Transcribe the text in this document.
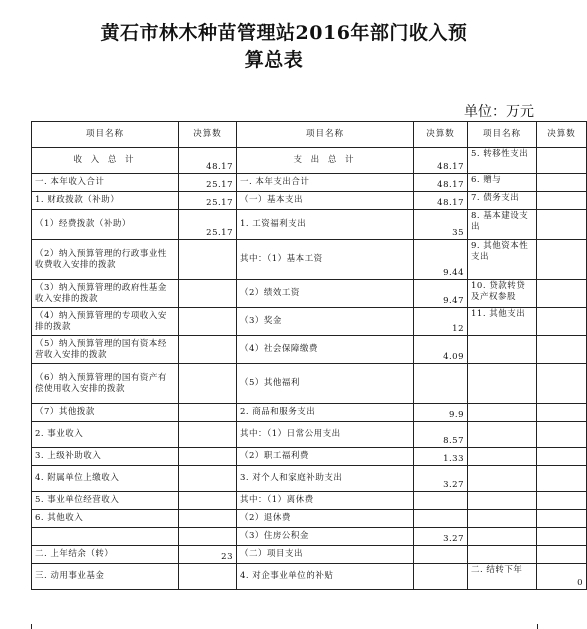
黄石市林木种苗管理站2016年部门收入预
算总表
单位：万元
项目名称	决算数	项目名称	决算数	项目名称	决算数
收 入 总 计	48.17	支 出 总 计	48.17	5. 转移性支出	
一. 本年收入合计	25.17	一. 本年支出合计	48.17	6. 赠与	
1. 财政拨款（补助）	25.17	（一）基本支出	48.17	7. 债务支出	
（1）经费拨款（补助）	25.17	1. 工资福利支出	35	8. 基本建设支出	
（2）纳入预算管理的行政事业性收费收入安排的拨款		其中：（1）基本工资	9.44	9. 其他资本性支出	
（3）纳入预算管理的政府性基金收入安排的拨款		（2）绩效工资	9.47	10. 贷款转贷及产权参股	
（4）纳入预算管理的专项收入安排的拨款		（3）奖金	12	11. 其他支出	
（5）纳入预算管理的国有资本经营收入安排的拨款		（4）社会保障缴费	4.09		
（6）纳入预算管理的国有资产有偿使用收入安排的拨款		（5）其他福利			
（7）其他拨款		2. 商品和服务支出	9.9		
2. 事业收入		其中：（1）日常公用支出	8.57		
3. 上级补助收入		（2）职工福利费	1.33		
4. 附属单位上缴收入		3. 对个人和家庭补助支出	3.27		
5. 事业单位经营收入		其中：（1）离休费			
6. 其他收入		（2）退休费			
		（3）住房公积金	3.27		
二. 上年结余（转）	23	（二）项目支出			
三. 动用事业基金		4. 对企事业单位的补贴		二. 结转下年	0
